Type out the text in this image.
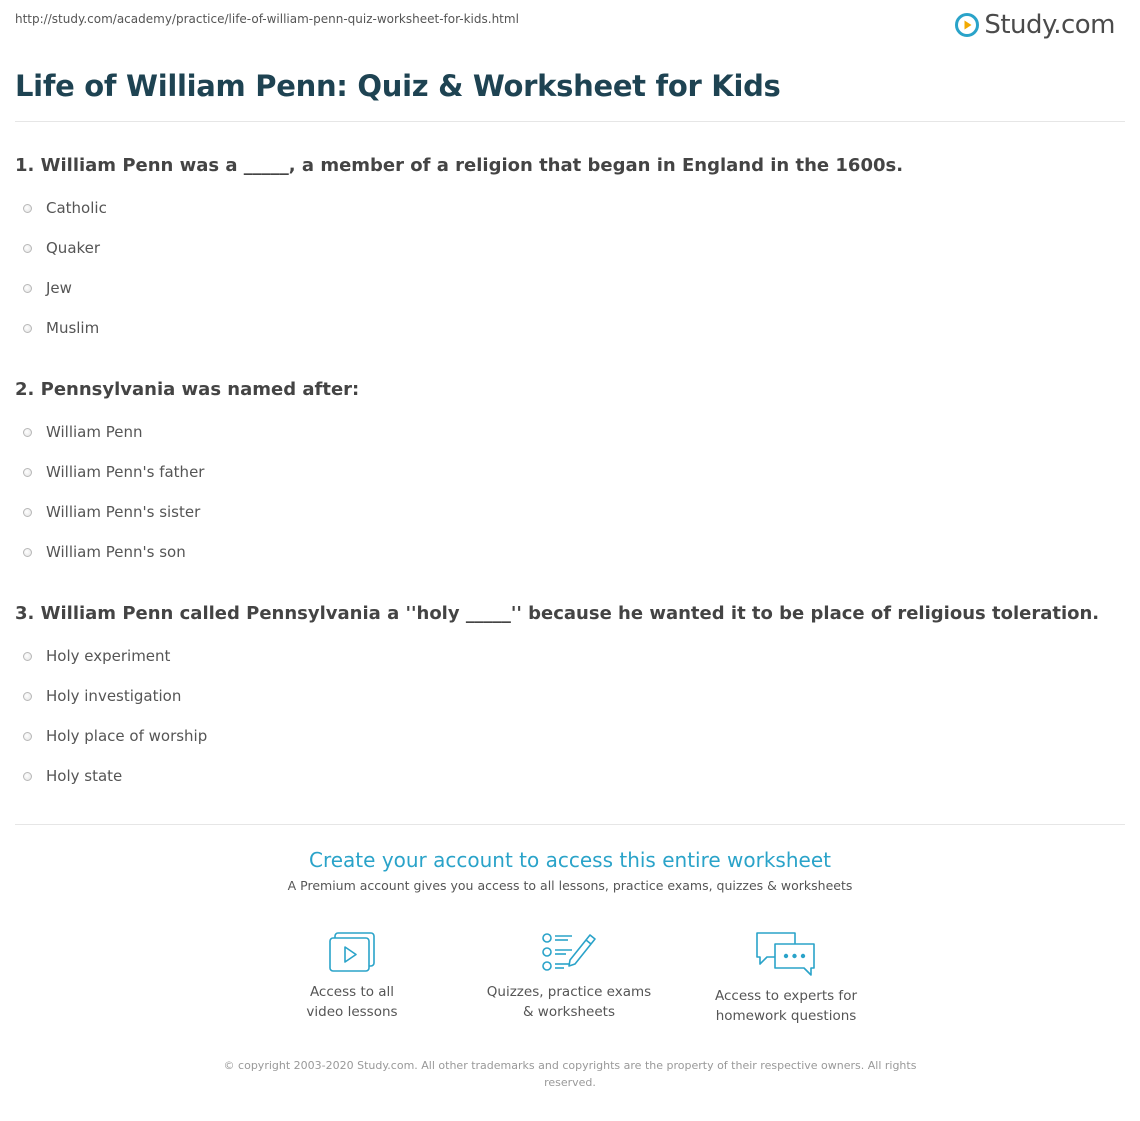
http://study.com/academy/practice/life-of-william-penn-quiz-worksheet-for-kids.html	Study.com
Life of William Penn: Quiz & Worksheet for Kids
1. William Penn was a _____, a member of a religion that began in England in the 1600s.
Catholic
Quaker
Jew
Muslim
2. Pennsylvania was named after:
William Penn
William Penn's father
William Penn's sister
William Penn's son
3. William Penn called Pennsylvania a ''holy _____'' because he wanted it to be place of religious toleration.
Holy experiment
Holy investigation
Holy place of worship
Holy state
Create your account to access this entire worksheet
A Premium account gives you access to all lessons, practice exams, quizzes & worksheets
Access to all
video lessons
Quizzes, practice exams
& worksheets
Access to experts for
homework questions
© copyright 2003-2020 Study.com. All other trademarks and copyrights are the property of their respective owners. All rights
reserved.
